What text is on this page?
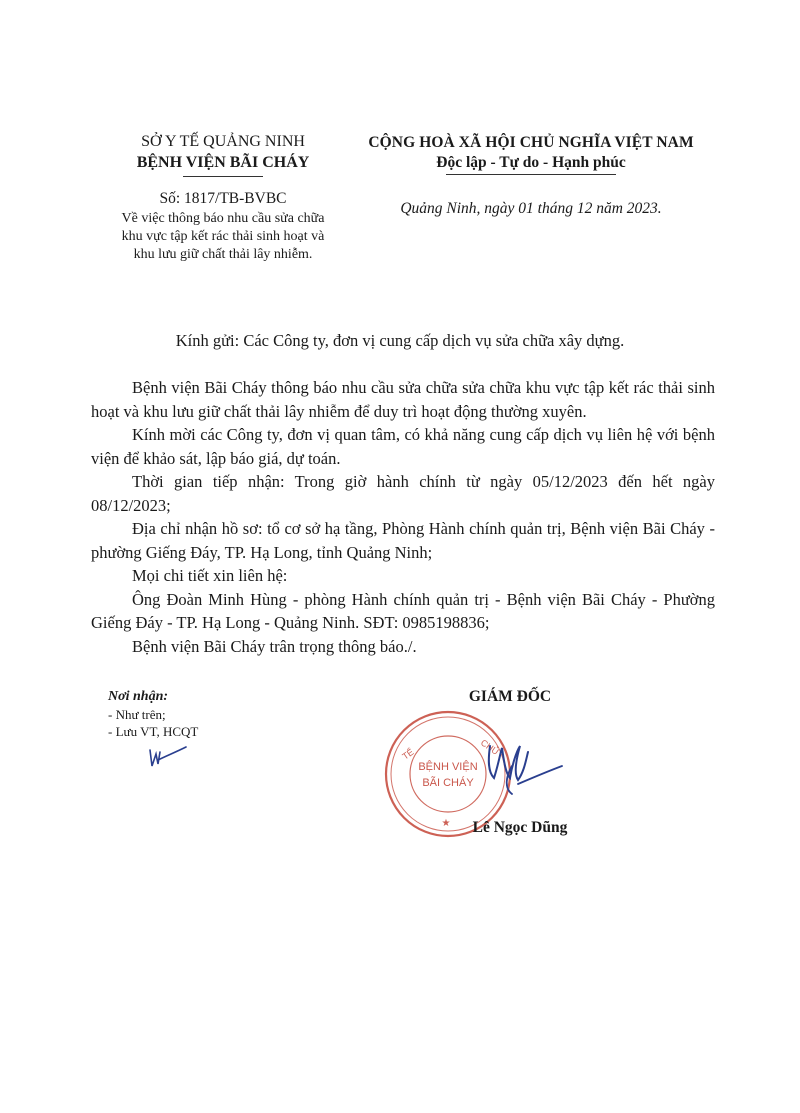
SỞ Y TẾ QUẢNG NINH
BỆNH VIỆN BÃI CHÁY
Số: 1817/TB-BVBC
Về việc thông báo nhu cầu sửa chữa khu vực tập kết rác thải sinh hoạt và khu lưu giữ chất thải lây nhiễm.
CỘNG HOÀ XÃ HỘI CHỦ NGHĨA VIỆT NAM
Độc lập - Tự do - Hạnh phúc
Quảng Ninh, ngày 01 tháng 12 năm 2023.
Kính gửi: Các Công ty, đơn vị cung cấp dịch vụ sửa chữa xây dựng.

Bệnh viện Bãi Cháy thông báo nhu cầu sửa chữa sửa chữa khu vực tập kết rác thải sinh hoạt và khu lưu giữ chất thải lây nhiễm để duy trì hoạt động thường xuyên.

Kính mời các Công ty, đơn vị quan tâm, có khả năng cung cấp dịch vụ liên hệ với bệnh viện để khảo sát, lập báo giá, dự toán.

Thời gian tiếp nhận: Trong giờ hành chính từ ngày 05/12/2023 đến hết ngày 08/12/2023;

Địa chỉ nhận hồ sơ: tổ cơ sở hạ tầng, Phòng Hành chính quản trị, Bệnh viện Bãi Cháy - phường Giếng Đáy, TP. Hạ Long, tỉnh Quảng Ninh;

Mọi chi tiết xin liên hệ:

Ông Đoàn Minh Hùng - phòng Hành chính quản trị - Bệnh viện Bãi Cháy - Phường Giếng Đáy - TP. Hạ Long - Quảng Ninh. SĐT: 0985198836;

Bệnh viện Bãi Cháy trân trọng thông báo./.

Nơi nhận:
- Như trên;
- Lưu VT, HCQT
GIÁM ĐỐC
TẾ	CHỦ
BỆNH VIỆN
BÃI CHÁY
★	Lê Ngọc Dũng
